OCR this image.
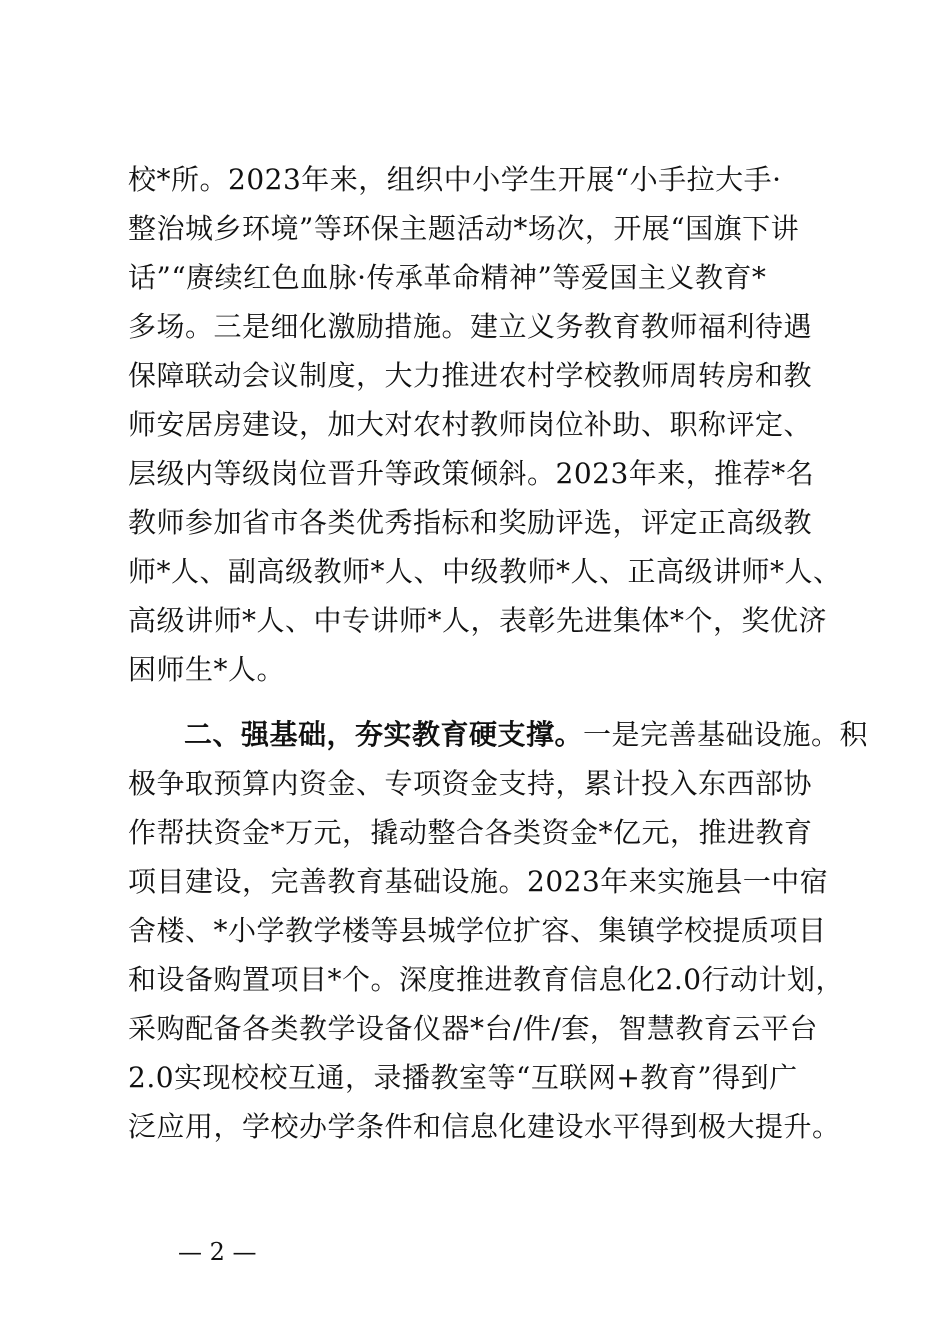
校*所。2023年来，组织中小学生开展“小手拉大手·
整治城乡环境”等环保主题活动*场次，开展“国旗下讲
话”“赓续红色血脉·传承革命精神”等爱国主义教育*
多场。三是细化激励措施。建立义务教育教师福利待遇
保障联动会议制度，大力推进农村学校教师周转房和教
师安居房建设，加大对农村教师岗位补助、职称评定、
层级内等级岗位晋升等政策倾斜。2023年来，推荐*名
教师参加省市各类优秀指标和奖励评选，评定正高级教
师*人、副高级教师*人、中级教师*人、正高级讲师*人、
高级讲师*人、中专讲师*人，表彰先进集体*个，奖优济
困师生*人。
二、强基础，夯实教育硬支撑。一是完善基础设施。积
极争取预算内资金、专项资金支持，累计投入东西部协
作帮扶资金*万元，撬动整合各类资金*亿元，推进教育
项目建设，完善教育基础设施。2023年来实施县一中宿
舍楼、*小学教学楼等县城学位扩容、集镇学校提质项目
和设备购置项目*个。深度推进教育信息化2.0行动计划，
采购配备各类教学设备仪器*台/件/套，智慧教育云平台
2.0实现校校互通，录播教室等“互联网+教育”得到广
泛应用，学校办学条件和信息化建设水平得到极大提升。
— 2 —
